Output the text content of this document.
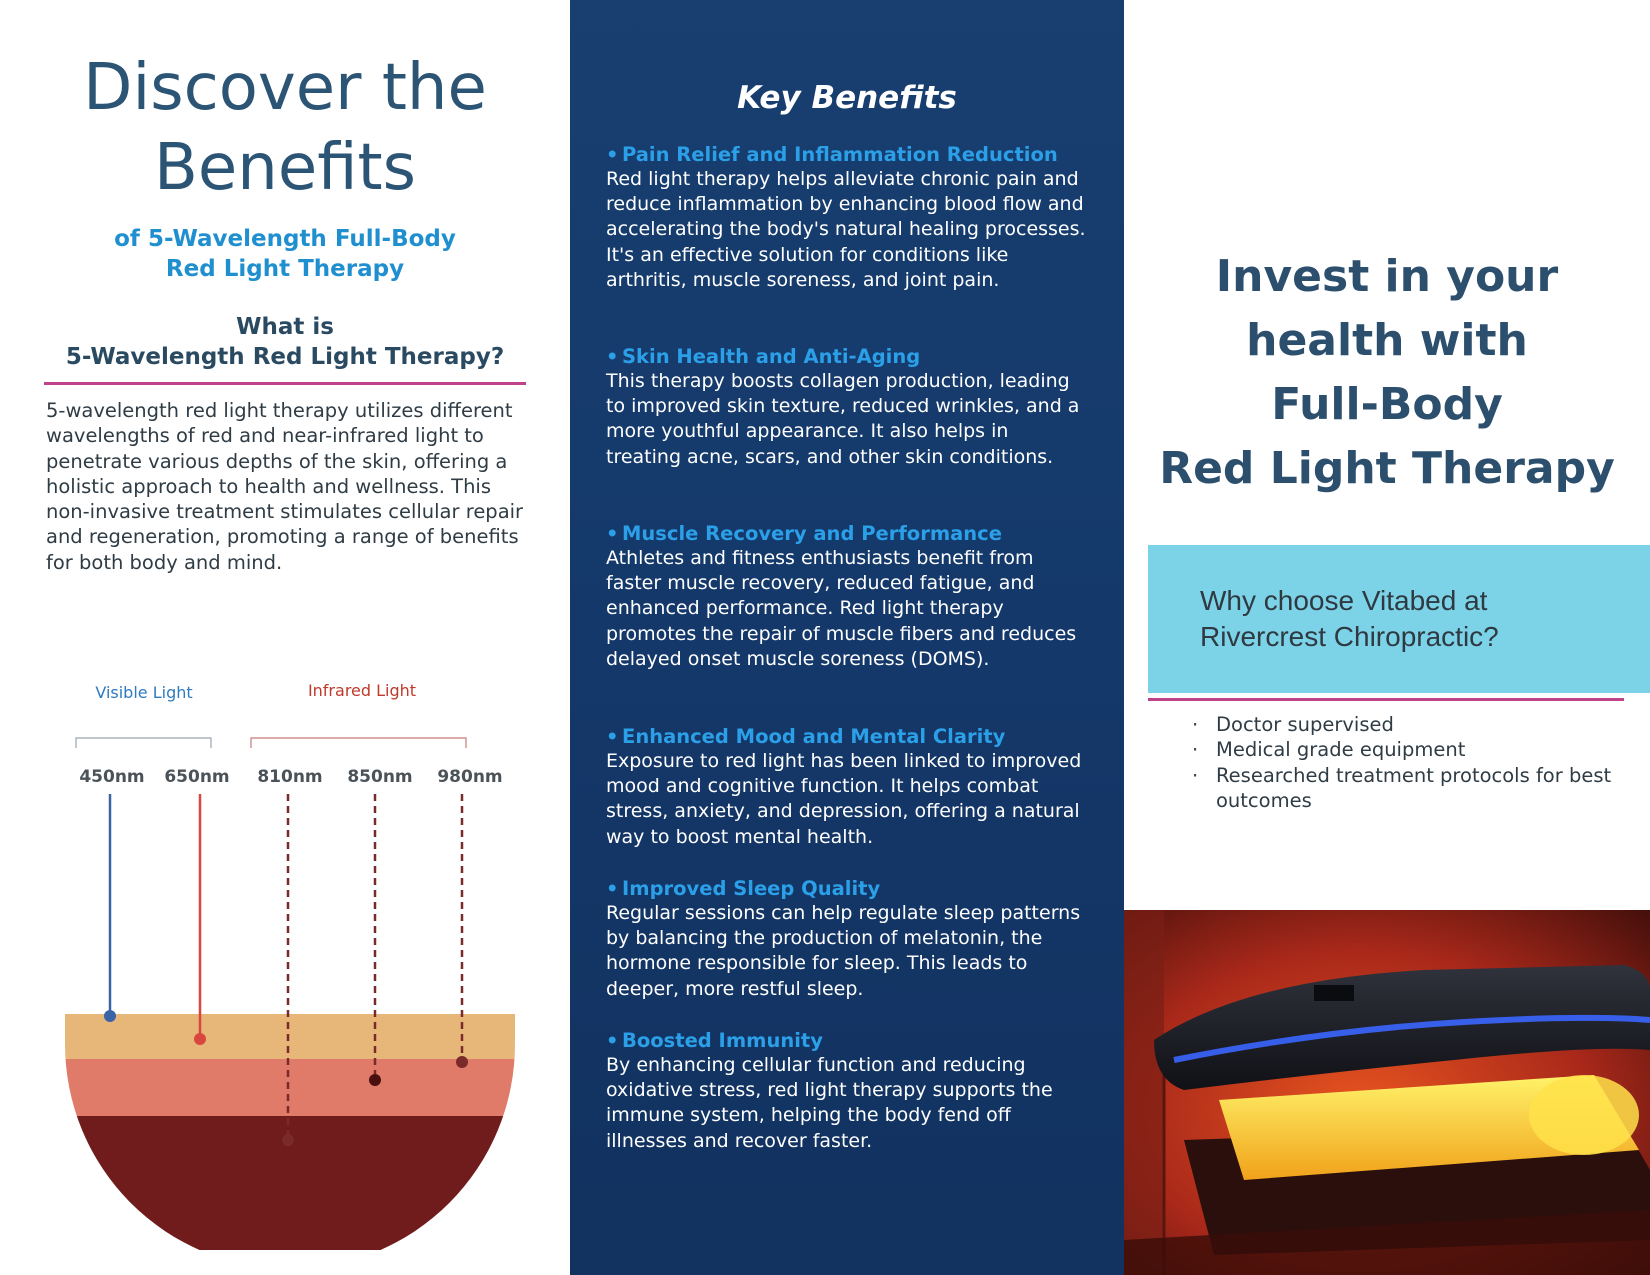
Discover the
Benefits

of 5-Wavelength Full-Body
Red Light Therapy

What is
5-Wavelength Red Light Therapy?

5-wavelength red light therapy utilizes different wavelengths of red and near-infrared light to penetrate various depths of the skin, offering a holistic approach to health and wellness. This non-invasive treatment stimulates cellular repair and regeneration, promoting a range of benefits for both body and mind.

Visible Light	Infrared Light
450nm 650nm 810nm 850nm 980nm
Key Benefits

• Pain Relief and Inflammation Reduction

Red light therapy helps alleviate chronic pain and reduce inflammation by enhancing blood flow and accelerating the body's natural healing processes. It's an effective solution for conditions like arthritis, muscle soreness, and joint pain.

• Skin Health and Anti-Aging

This therapy boosts collagen production, leading to improved skin texture, reduced wrinkles, and a more youthful appearance. It also helps in treating acne, scars, and other skin conditions.

• Muscle Recovery and Performance

Athletes and fitness enthusiasts benefit from faster muscle recovery, reduced fatigue, and enhanced performance. Red light therapy promotes the repair of muscle fibers and reduces delayed onset muscle soreness (DOMS).

• Enhanced Mood and Mental Clarity

Exposure to red light has been linked to improved mood and cognitive function. It helps combat stress, anxiety, and depression, offering a natural way to boost mental health.

• Improved Sleep Quality

Regular sessions can help regulate sleep patterns by balancing the production of melatonin, the hormone responsible for sleep. This leads to deeper, more restful sleep.

• Boosted Immunity

By enhancing cellular function and reducing oxidative stress, red light therapy supports the immune system, helping the body fend off illnesses and recover faster.

Invest in your
health with
Full-Body
Red Light Therapy

Why choose Vitabed at
Rivercrest Chiropractic?

· Doctor supervised
· Medical grade equipment
· Researched treatment protocols for best outcomes
